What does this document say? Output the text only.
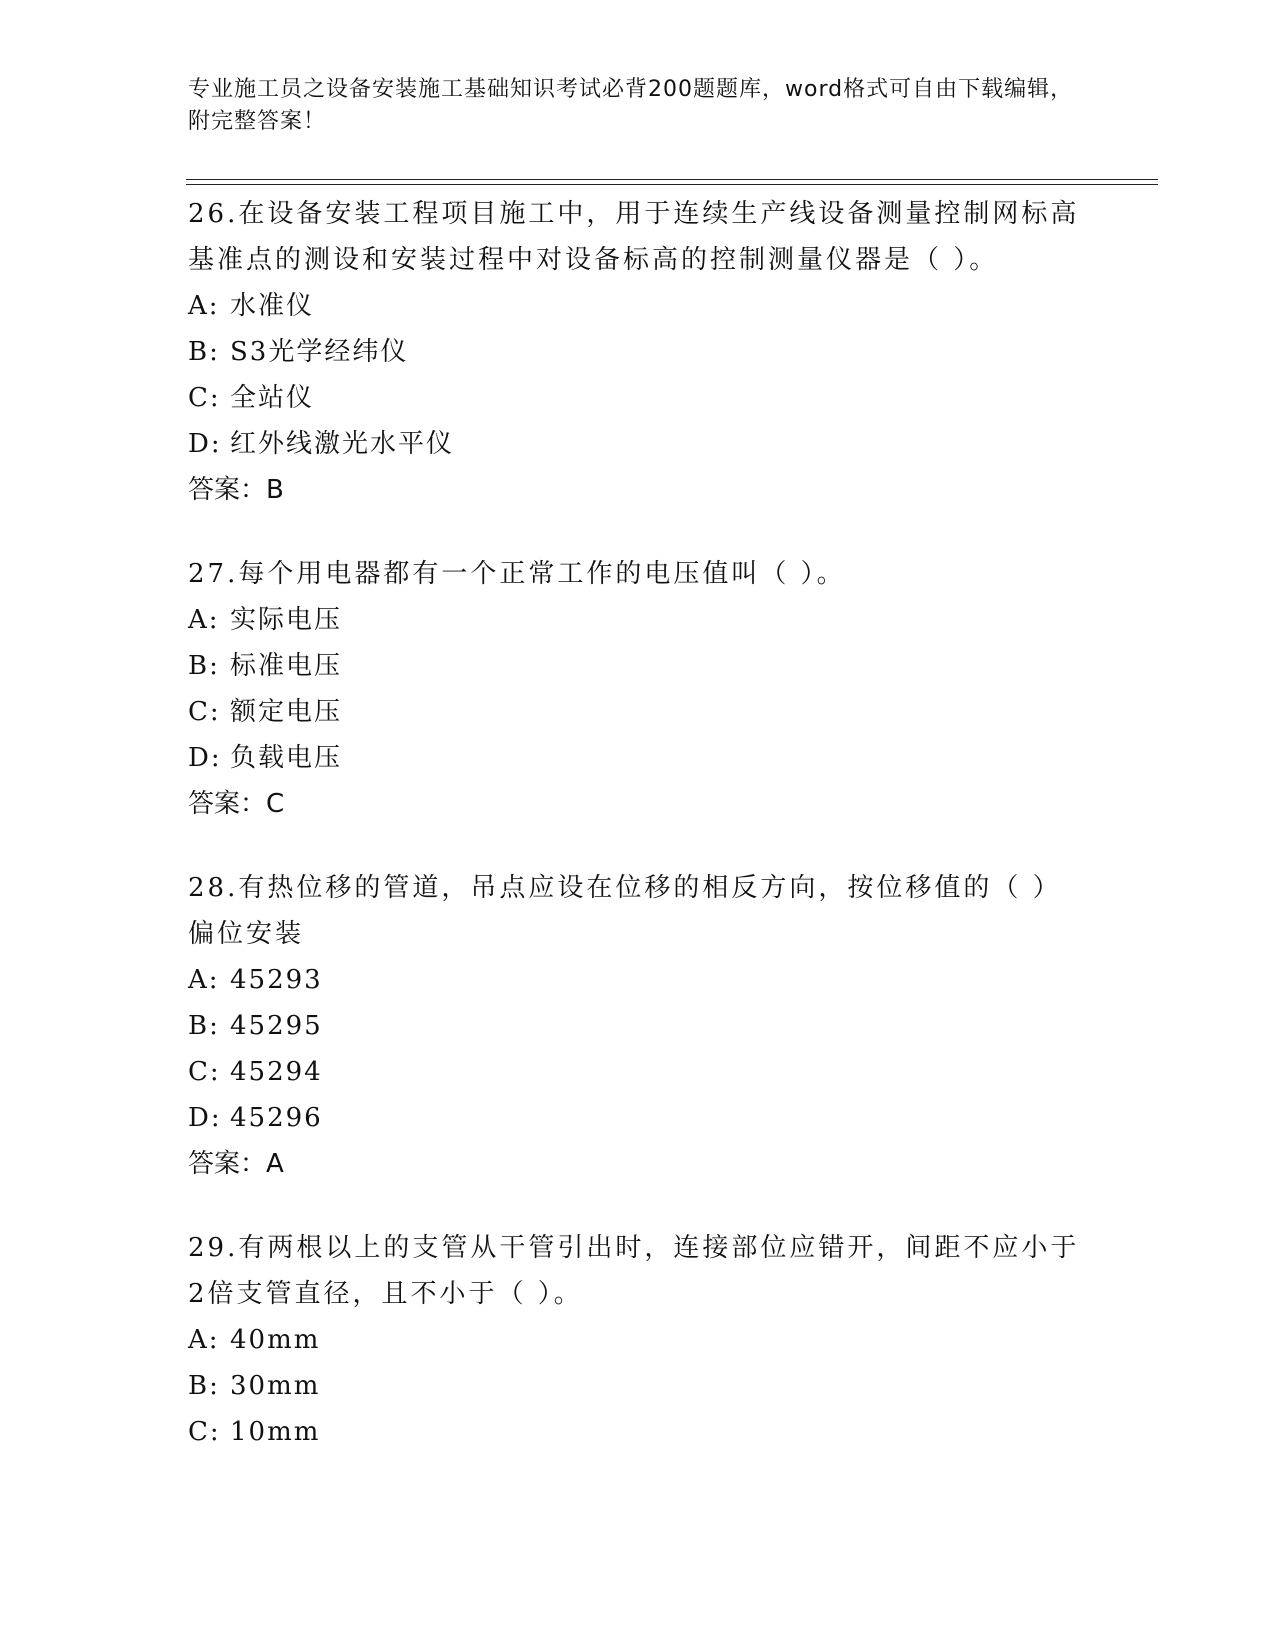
专业施工员之设备安装施工基础知识考试必背200题题库，word格式可自由下载编辑，附完整答案！
26.在设备安装工程项目施工中，用于连续生产线设备测量控制网标高基准点的测设和安装过程中对设备标高的控制测量仪器是（ ）。
A: 水准仪
B: S3光学经纬仪
C: 全站仪
D: 红外线激光水平仪
答案：B
27.每个用电器都有一个正常工作的电压值叫（ ）。
A: 实际电压
B: 标准电压
C: 额定电压
D: 负载电压
答案：C
28.有热位移的管道，吊点应设在位移的相反方向，按位移值的（ ）偏位安装
A: 45293
B: 45295
C: 45294
D: 45296
答案：A
29.有两根以上的支管从干管引出时，连接部位应错开，间距不应小于2倍支管直径，且不小于（ ）。
A: 40mm
B: 30mm
C: 10mm
